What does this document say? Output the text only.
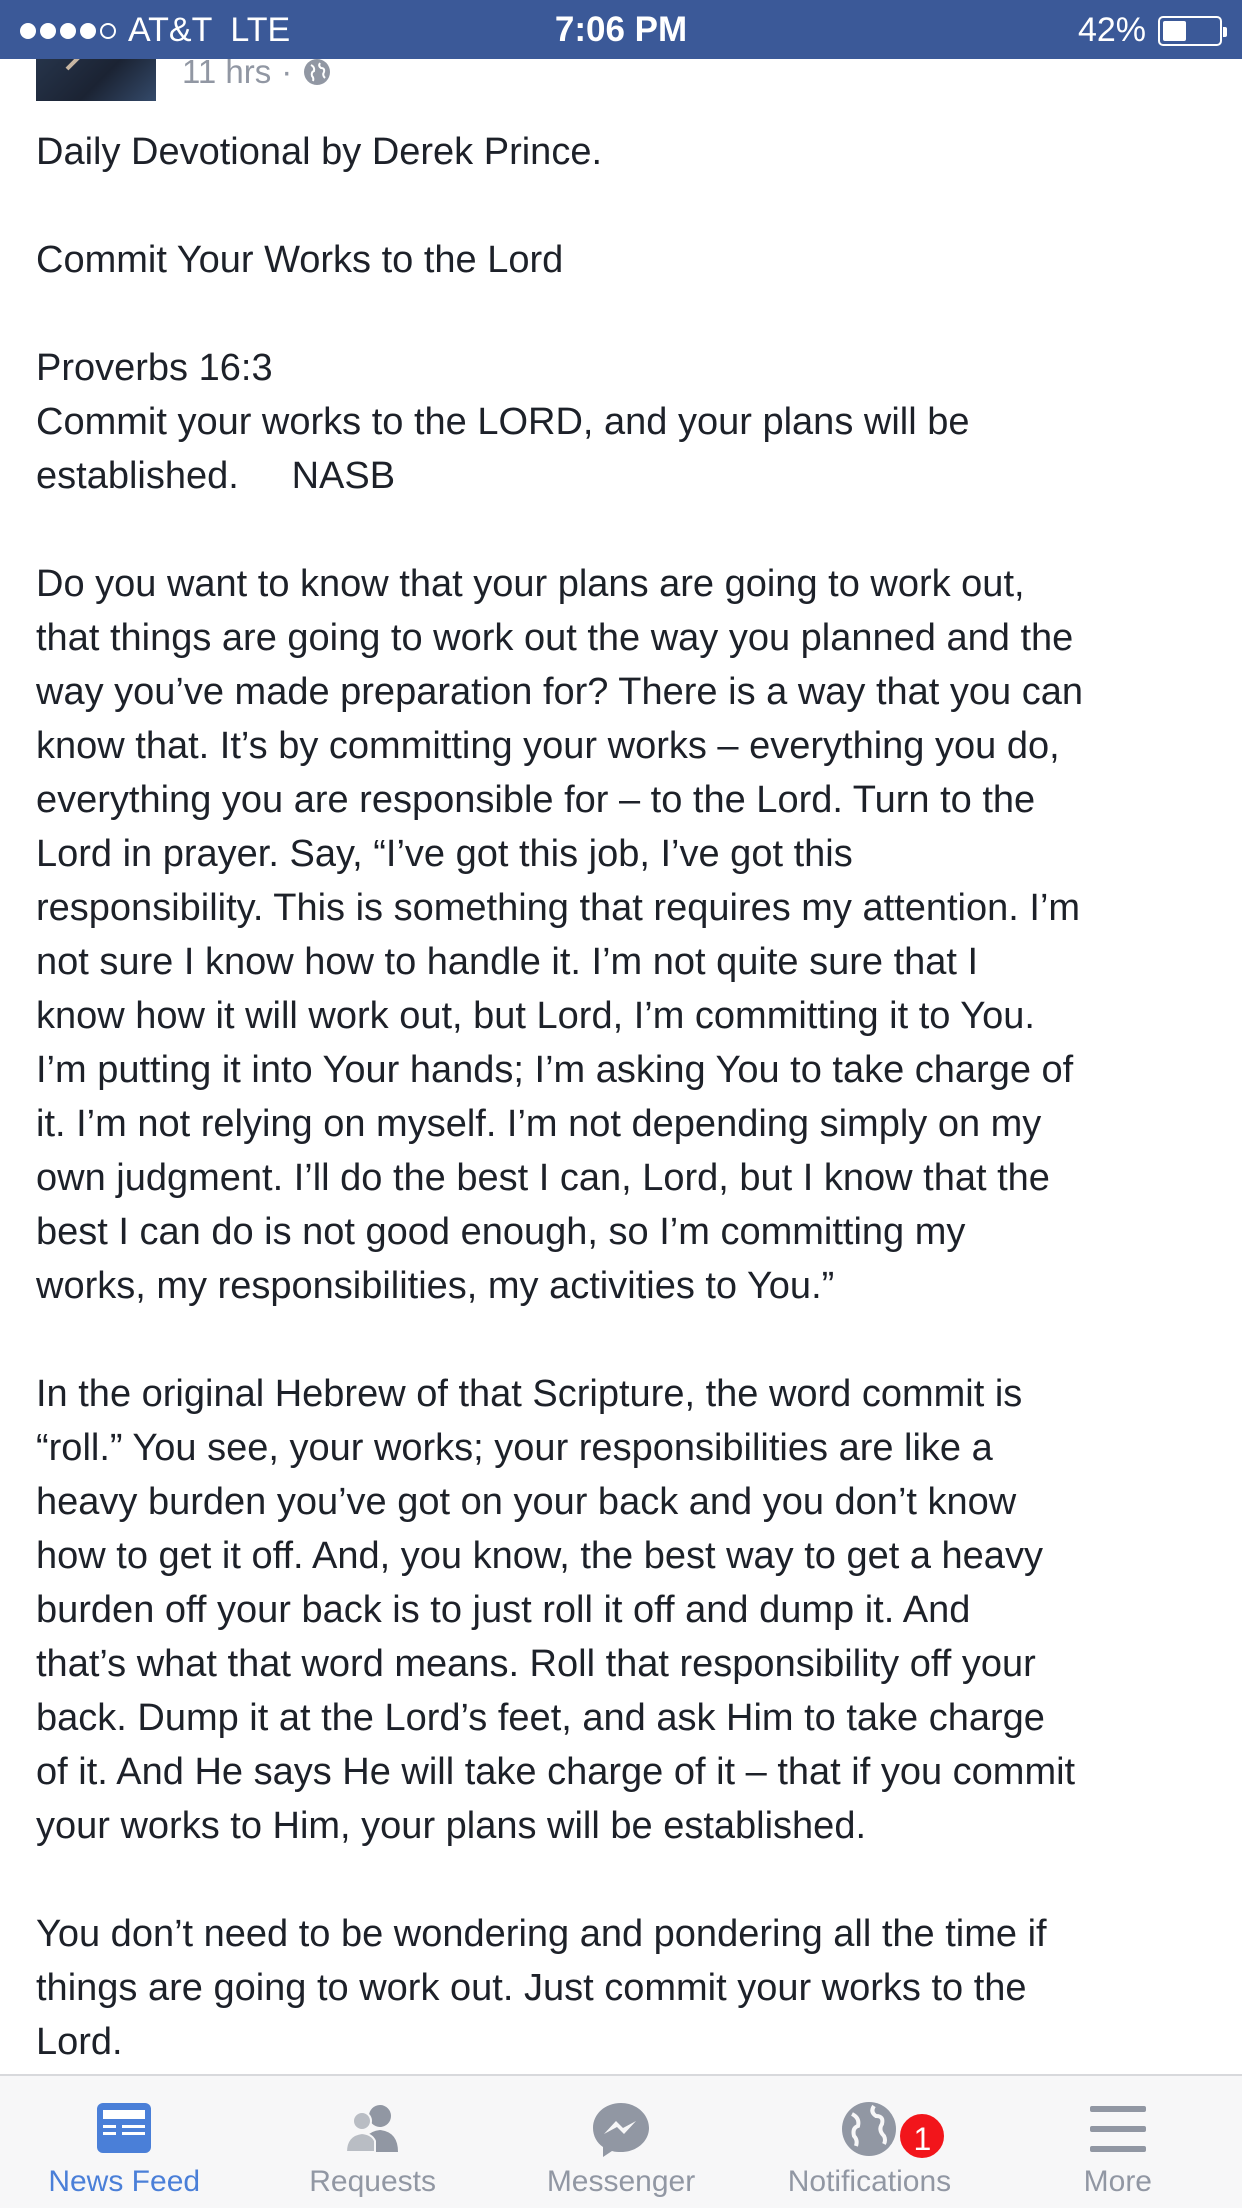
AT&T LTE	7:06 PM	42%
11 hrs ·
Daily Devotional by Derek Prince.
Commit Your Works to the Lord
Proverbs 16:3
Commit your works to the LORD, and your plans will be
established.     NASB
Do you want to know that your plans are going to work out,
that things are going to work out the way you planned and the
way you’ve made preparation for? There is a way that you can
know that. It’s by committing your works – everything you do,
everything you are responsible for – to the Lord. Turn to the
Lord in prayer. Say, “I’ve got this job, I’ve got this
responsibility. This is something that requires my attention. I’m
not sure I know how to handle it. I’m not quite sure that I
know how it will work out, but Lord, I’m committing it to You.
I’m putting it into Your hands; I’m asking You to take charge of
it. I’m not relying on myself. I’m not depending simply on my
own judgment. I’ll do the best I can, Lord, but I know that the
best I can do is not good enough, so I’m committing my
works, my responsibilities, my activities to You.”
In the original Hebrew of that Scripture, the word commit is
“roll.” You see, your works; your responsibilities are like a
heavy burden you’ve got on your back and you don’t know
how to get it off. And, you know, the best way to get a heavy
burden off your back is to just roll it off and dump it. And
that’s what that word means. Roll that responsibility off your
back. Dump it at the Lord’s feet, and ask Him to take charge
of it. And He says He will take charge of it – that if you commit
your works to Him, your plans will be established.
You don’t need to be wondering and pondering all the time if
things are going to work out. Just commit your works to the
Lord.
News Feed	Requests	Messenger
1
Notifications	More
